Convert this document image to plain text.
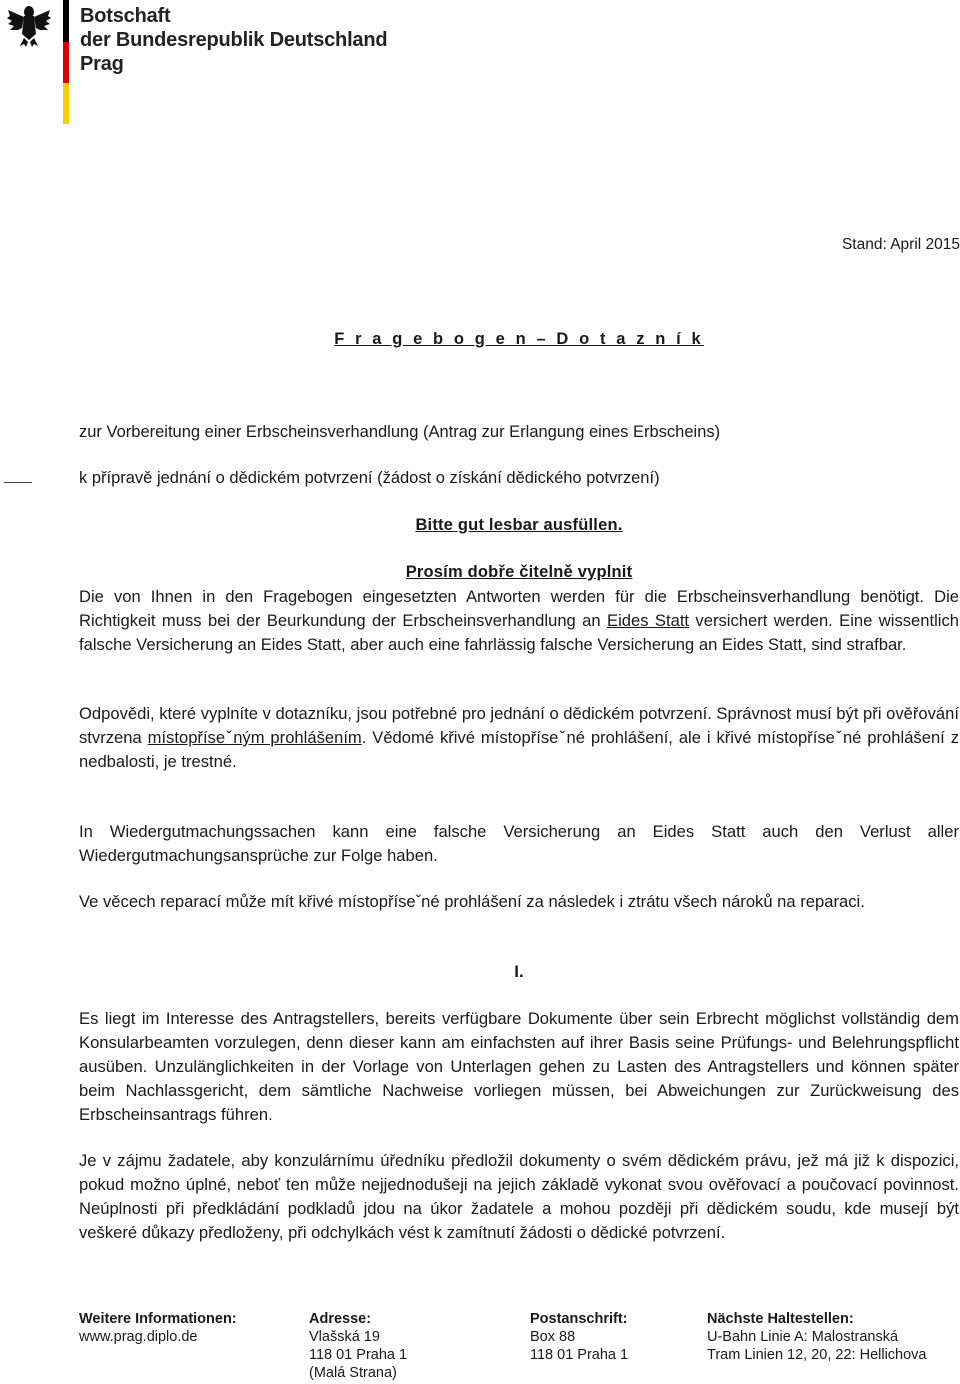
Botschaft
der Bundesrepublik Deutschland
Prag
Stand: April 2015
F r a g e b o g e n – D o t a z n í k
zur Vorbereitung einer Erbscheinsverhandlung (Antrag zur Erlangung eines Erbscheins)
k přípravě jednání o dědickém potvrzení (žádost o získání dědického potvrzení)
Bitte gut lesbar ausfüllen.
Prosím dobře čitelně vyplnit
Die von Ihnen in den Fragebogen eingesetzten Antworten werden für die Erbscheinsverhandlung benötigt. Die Richtigkeit muss bei der Beurkundung der Erbscheinsverhandlung an Eides Statt versichert werden. Eine wissentlich falsche Versicherung an Eides Statt, aber auch eine fahrlässig falsche Versicherung an Eides Statt, sind strafbar.
Odpovědi, které vyplníte v dotazníku, jsou potřebné pro jednání o dědickém potvrzení. Správnost musí být při ověřování stvrzena místopříseˇným prohlášením. Vědomé křivé místopříseˇné prohlášení, ale i křivé místopříseˇné prohlášení z nedbalosti, je trestné.
In Wiedergutmachungssachen kann eine falsche Versicherung an Eides Statt auch den Verlust aller Wiedergutmachungsansprüche zur Folge haben.
Ve věcech reparací může mít křivé místopříseˇné prohlášení za následek i ztrátu všech nároků na reparaci.
I.
Es liegt im Interesse des Antragstellers, bereits verfügbare Dokumente über sein Erbrecht möglichst vollständig dem Konsularbeamten vorzulegen, denn dieser kann am einfachsten auf ihrer Basis seine Prüfungs- und Belehrungspflicht ausüben. Unzulänglichkeiten in der Vorlage von Unterlagen gehen zu Lasten des Antragstellers und können später beim Nachlassgericht, dem sämtliche Nachweise vorliegen müssen, bei Abweichungen zur Zurückweisung des Erbscheinsantrags führen.
Je v zájmu žadatele, aby konzulárnímu úředníku předložil dokumenty o svém dědickém právu, jež má již k dispozici, pokud možno úplné, neboť ten může nejjednodušeji na jejich základě vykonat svou ověřovací a poučovací povinnost. Neúplnosti při předkládání podkladů jdou na úkor žadatele a mohou později při dědickém soudu, kde musejí být veškeré důkazy předloženy, při odchylkách vést k zamítnutí žádosti o dědické potvrzení.
Weitere Informationen:
www.prag.diplo.de
Adresse:
Vlašská 19
118 01 Praha 1
(Malá Strana)
Postanschrift:
Box 88
118 01 Praha 1
Nächste Haltestellen:
U-Bahn Linie A: Malostranská
Tram Linien 12, 20, 22: Hellichova
